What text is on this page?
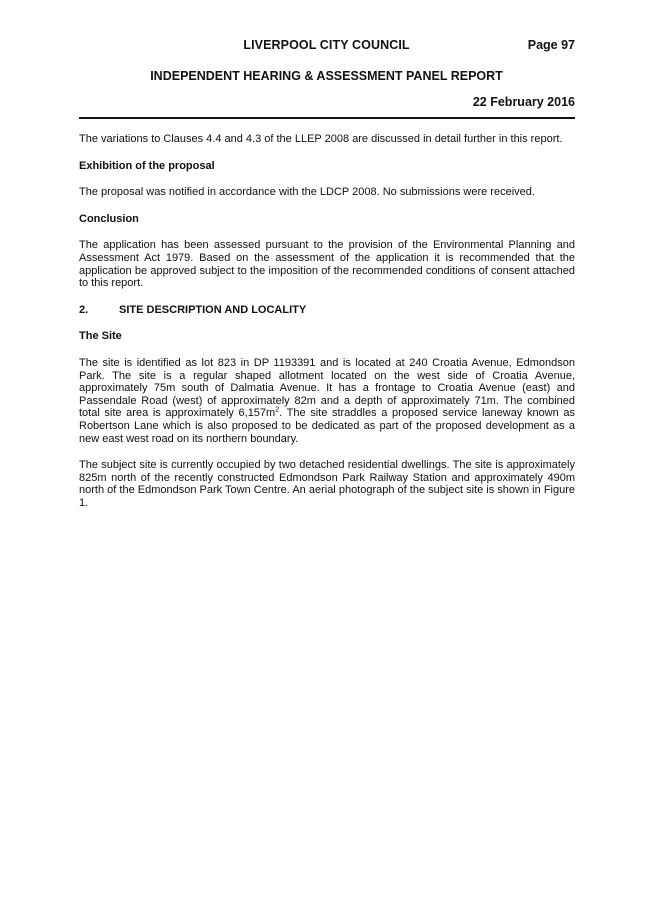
LIVERPOOL CITY COUNCIL	Page 97
INDEPENDENT HEARING & ASSESSMENT PANEL REPORT
22 February 2016

The variations to Clauses 4.4 and 4.3 of the LLEP 2008 are discussed in detail further in this report.

Exhibition of the proposal

The proposal was notified in accordance with the LDCP 2008. No submissions were received.

Conclusion

The application has been assessed pursuant to the provision of the Environmental Planning and Assessment Act 1979. Based on the assessment of the application it is recommended that the application be approved subject to the imposition of the recommended conditions of consent attached to this report.

2.	SITE DESCRIPTION AND LOCALITY
The Site

The site is identified as lot 823 in DP 1193391 and is located at 240 Croatia Avenue, Edmondson Park. The site is a regular shaped allotment located on the west side of Croatia Avenue, approximately 75m south of Dalmatia Avenue. It has a frontage to Croatia Avenue (east) and Passendale Road (west) of approximately 82m and a depth of approximately 71m. The combined total site area is approximately $6,157m^2$. The site straddles a proposed service laneway known as Robertson Lane which is also proposed to be dedicated as part of the proposed development as a new east west road on its northern boundary.

The subject site is currently occupied by two detached residential dwellings. The site is approximately 825m north of the recently constructed Edmondson Park Railway Station and approximately 490m north of the Edmondson Park Town Centre. An aerial photograph of the subject site is shown in Figure 1.
